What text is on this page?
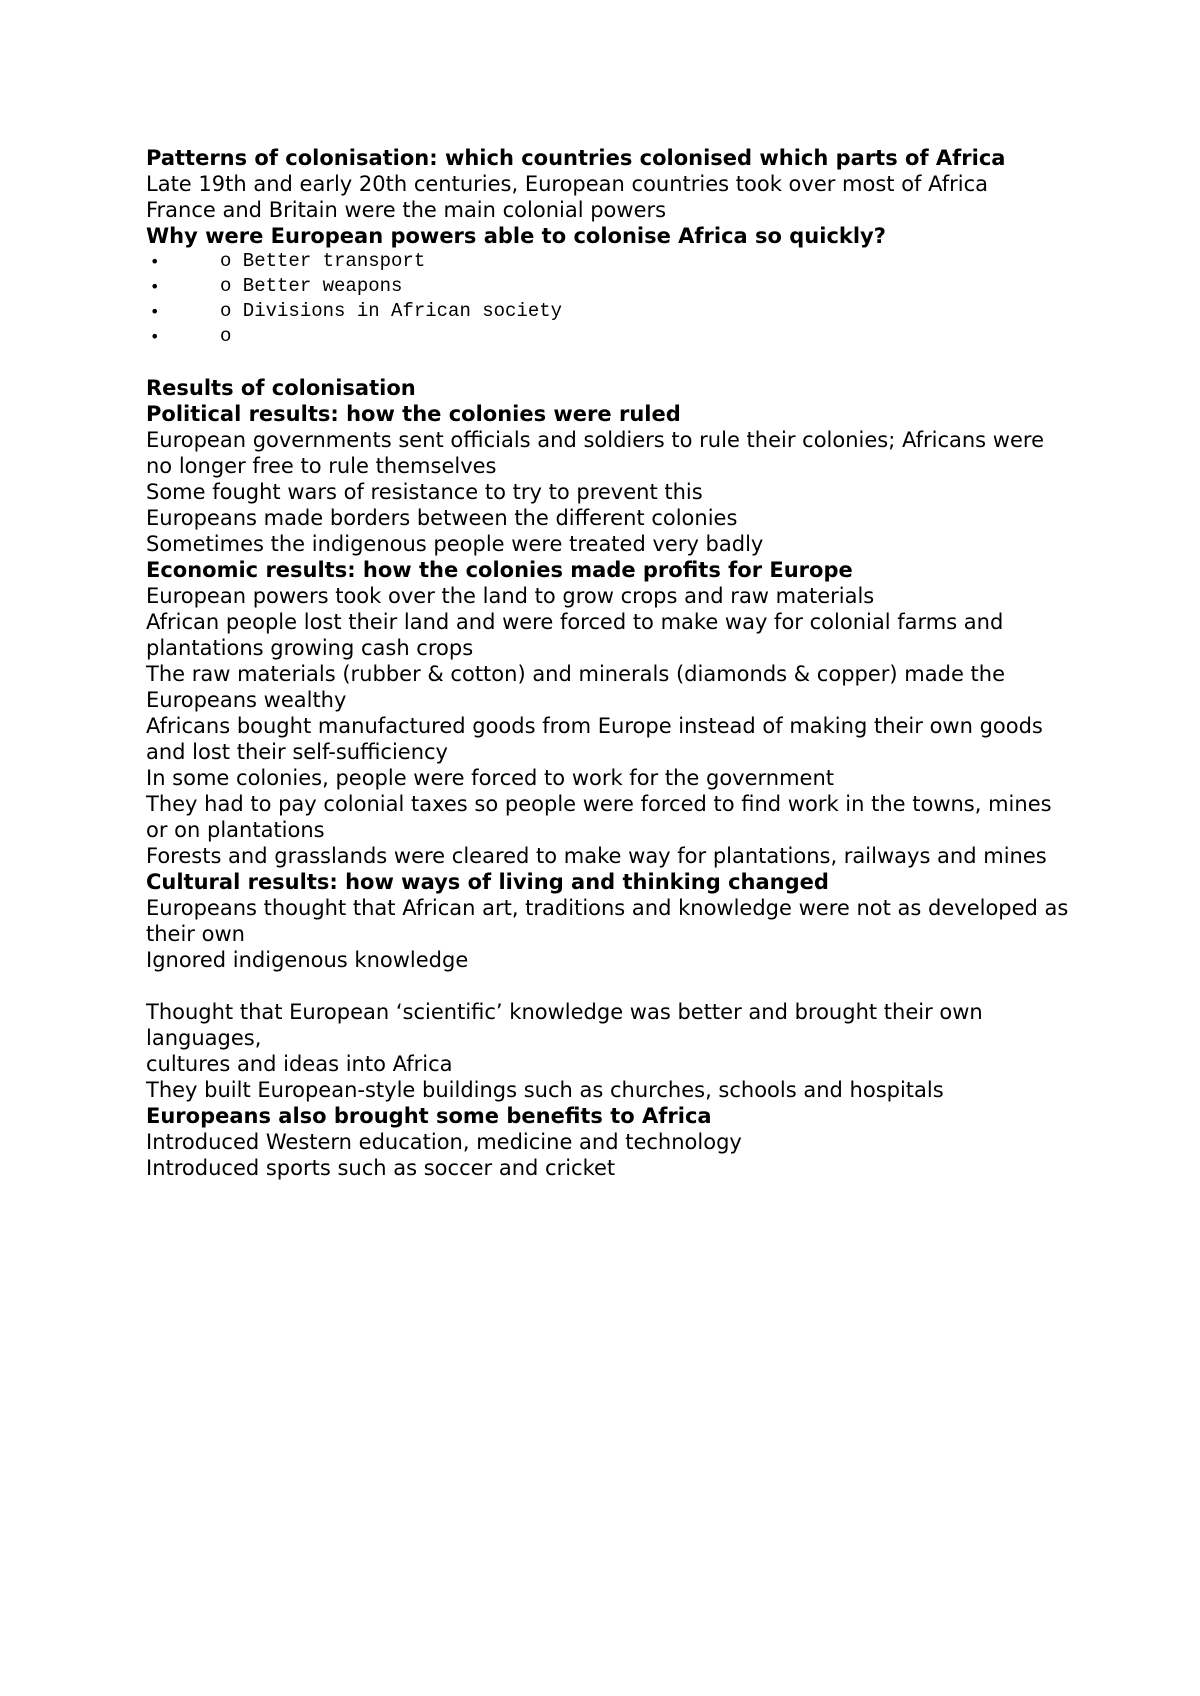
Patterns of colonisation: which countries colonised which parts of Africa

Late 19th and early 20th centuries, European countries took over most of Africa

France and Britain were the main colonial powers

Why were European powers able to colonise Africa so quickly?

•	o Better transport
•	o Better weapons
•	o Divisions in African society
•	o

Results of colonisation

Political results: how the colonies were ruled

European governments sent officials and soldiers to rule their colonies; Africans were no longer free to rule themselves

Some fought wars of resistance to try to prevent this

Europeans made borders between the different colonies

Sometimes the indigenous people were treated very badly

Economic results: how the colonies made profits for Europe

European powers took over the land to grow crops and raw materials

African people lost their land and were forced to make way for colonial farms and plantations growing cash crops

The raw materials (rubber & cotton) and minerals (diamonds & copper) made the Europeans wealthy

Africans bought manufactured goods from Europe instead of making their own goods and lost their self-sufficiency

In some colonies, people were forced to work for the government

They had to pay colonial taxes so people were forced to find work in the towns, mines or on plantations

Forests and grasslands were cleared to make way for plantations, railways and mines

Cultural results: how ways of living and thinking changed

Europeans thought that African art, traditions and knowledge were not as developed as their own

Ignored indigenous knowledge

Thought that European ‘scientific’ knowledge was better and brought their own languages,

cultures and ideas into Africa

They built European-style buildings such as churches, schools and hospitals

Europeans also brought some benefits to Africa

Introduced Western education, medicine and technology

Introduced sports such as soccer and cricket
